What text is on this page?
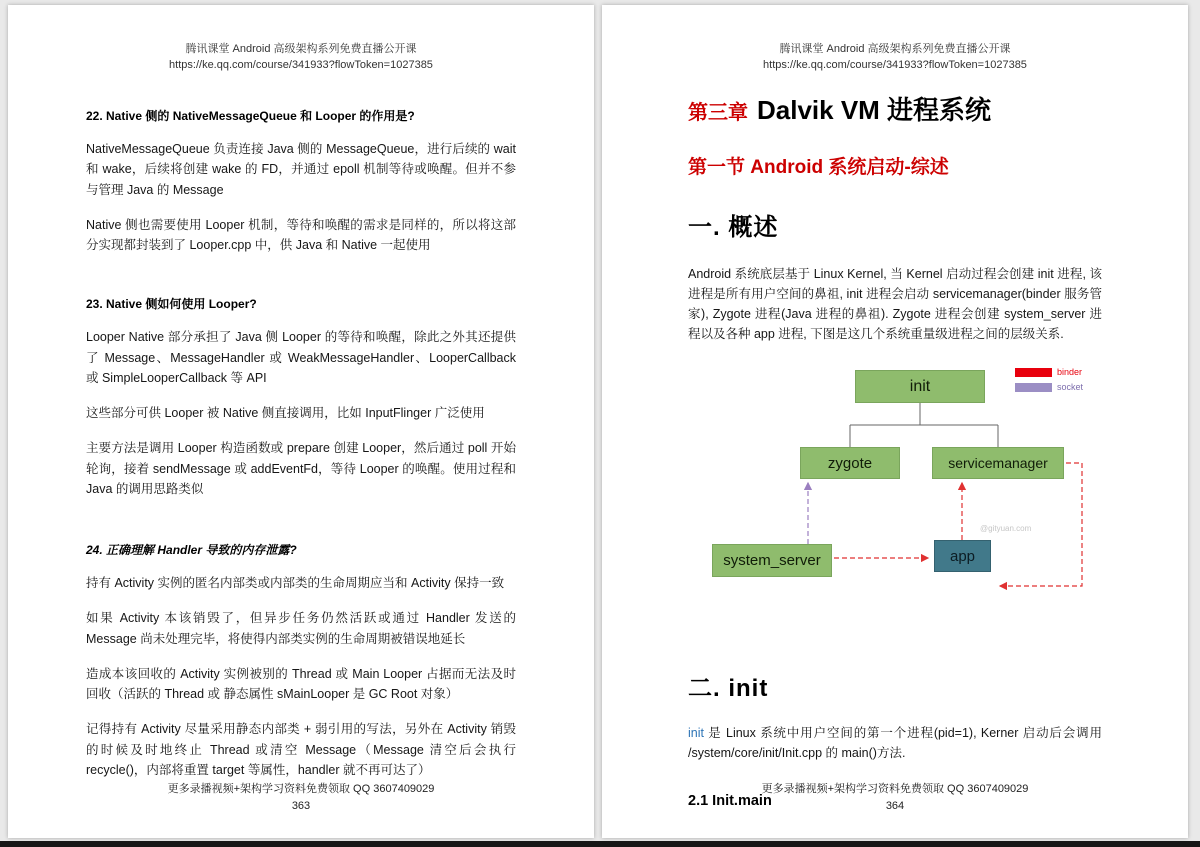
腾讯课堂 Android 高级架构系列免费直播公开课
https://ke.qq.com/course/341933?flowToken=1027385
22. Native 侧的 NativeMessageQueue 和 Looper 的作用是?

NativeMessageQueue 负责连接 Java 侧的 MessageQueue，进行后续的 wait 和 wake，后续将创建 wake 的 FD，并通过 epoll 机制等待或唤醒。但并不参与管理 Java 的 Message

Native 侧也需要使用 Looper 机制，等待和唤醒的需求是同样的，所以将这部分实现都封装到了 Looper.cpp 中，供 Java 和 Native 一起使用

23. Native 侧如何使用 Looper?

Looper Native 部分承担了 Java 侧 Looper 的等待和唤醒，除此之外其还提供了 Message、MessageHandler 或 WeakMessageHandler、LooperCallback 或 SimpleLooperCallback 等 API

这些部分可供 Looper 被 Native 侧直接调用，比如 InputFlinger 广泛使用

主要方法是调用 Looper 构造函数或 prepare 创建 Looper，然后通过 poll 开始轮询，接着 sendMessage 或 addEventFd，等待 Looper 的唤醒。使用过程和 Java 的调用思路类似

24. 正确理解 Handler 导致的内存泄露?

持有 Activity 实例的匿名内部类或内部类的生命周期应当和 Activity 保持一致

如果 Activity 本该销毁了，但异步任务仍然活跃或通过 Handler 发送的 Message 尚未处理完毕，将使得内部类实例的生命周期被错误地延长

造成本该回收的 Activity 实例被别的 Thread 或 Main Looper 占据而无法及时回收（活跃的 Thread 或 静态属性 sMainLooper 是 GC Root 对象）

记得持有 Activity 尽量采用静态内部类 + 弱引用的写法，另外在 Activity 销毁的时候及时地终止 Thread 或清空 Message（Message 清空后会执行 recycle()，内部将重置 target 等属性，handler 就不再可达了）

更多录播视频+架构学习资料免费领取 QQ 3607409029
363
腾讯课堂 Android 高级架构系列免费直播公开课
https://ke.qq.com/course/341933?flowToken=1027385
第三章 Dalvik VM 进程系统
第一节 Android 系统启动-综述
一. 概述

Android 系统底层基于 Linux Kernel, 当 Kernel 启动过程会创建 init 进程, 该进程是所有用户空间的鼻祖, init 进程会启动 servicemanager(binder 服务管家), Zygote 进程(Java 进程的鼻祖). Zygote 进程会创建 system_server 进程以及各种 app 进程, 下图是这几个系统重量级进程之间的层级关系.

init
zygote	servicemanager
system_server	app
binder
socket
@gityuan.com
二. init

init 是 Linux 系统中用户空间的第一个进程(pid=1), Kerner 启动后会调用 /system/core/init/Init.cpp 的 main()方法.

2.1 Init.main
更多录播视频+架构学习资料免费领取 QQ 3607409029
364
